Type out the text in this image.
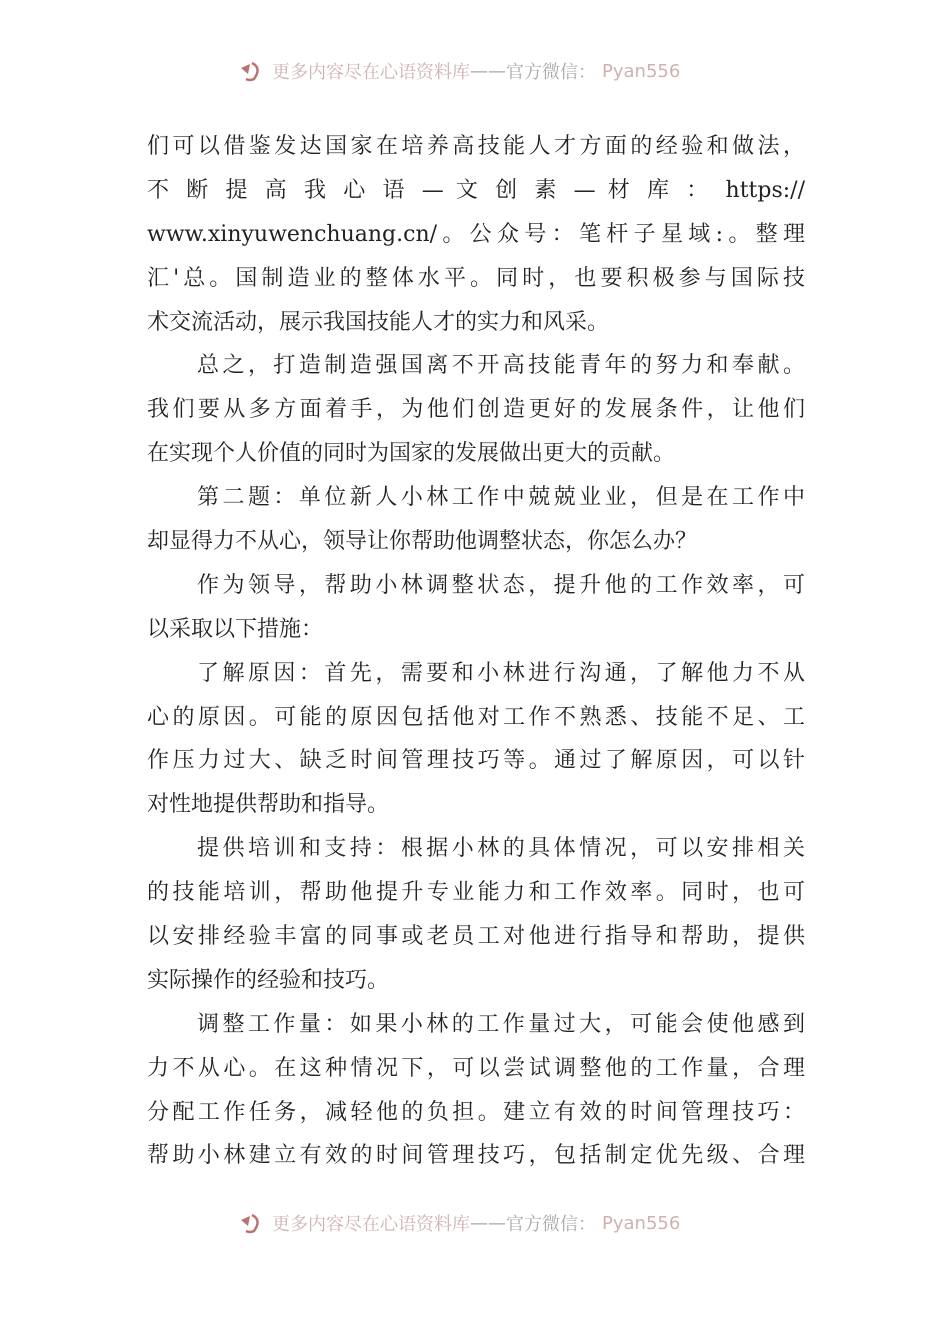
更多内容尽在心语资料库 —— 官方微信： Pyan556
们可以借鉴发达国家在培养高技能人才方面的经验和做法，
不 断 提 高 我 心 语 — 文 创 素 — 材 库 ： https://
www.xinyuwenchuang.cn/。公众号：笔杆子星域:。整理
汇'总。国制造业的整体水平。同时，也要积极参与国际技
术交流活动，展示我国技能人才的实力和风采。
总之，打造制造强国离不开高技能青年的努力和奉献。
我们要从多方面着手，为他们创造更好的发展条件，让他们
在实现个人价值的同时为国家的发展做出更大的贡献。
第二题：单位新人小林工作中兢兢业业，但是在工作中
却显得力不从心，领导让你帮助他调整状态，你怎么办？
作为领导，帮助小林调整状态，提升他的工作效率，可
以采取以下措施：
了解原因：首先，需要和小林进行沟通，了解他力不从
心的原因。可能的原因包括他对工作不熟悉、技能不足、工
作压力过大、缺乏时间管理技巧等。通过了解原因，可以针
对性地提供帮助和指导。
提供培训和支持：根据小林的具体情况，可以安排相关
的技能培训，帮助他提升专业能力和工作效率。同时，也可
以安排经验丰富的同事或老员工对他进行指导和帮助，提供
实际操作的经验和技巧。
调整工作量：如果小林的工作量过大，可能会使他感到
力不从心。在这种情况下，可以尝试调整他的工作量，合理
分配工作任务，减轻他的负担。建立有效的时间管理技巧：
帮助小林建立有效的时间管理技巧，包括制定优先级、合理
更多内容尽在心语资料库 —— 官方微信： Pyan556
